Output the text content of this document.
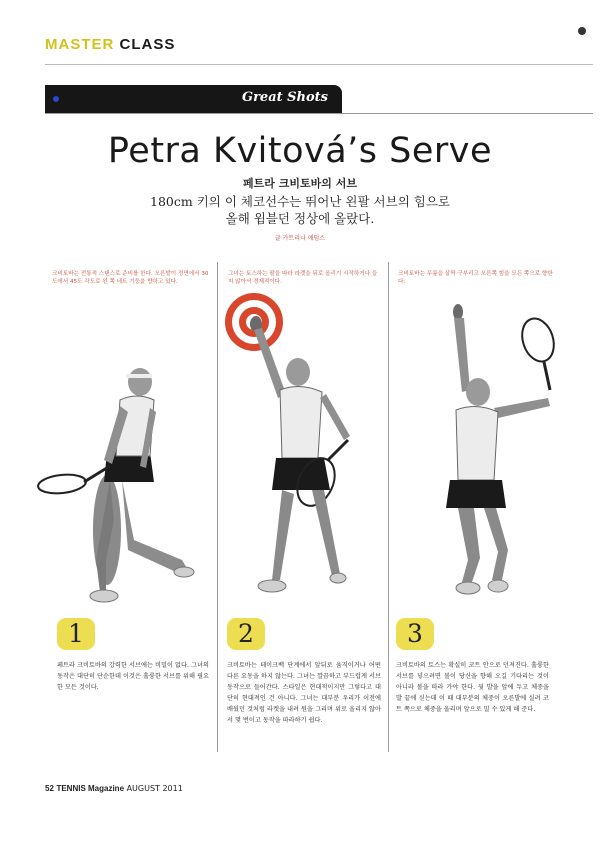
MASTER CLASS
Great Shots
Petra Kvitová’s Serve
페트라 크비토바의 서브
180cm 키의 이 체코선수는 뛰어난 왼팔 서브의 힘으로
올해 윔블던 정상에 올랐다.
글 카트리나 애덤스
크비토바는 전통적 스탠스로 준비를 한다. 오른발이 정면에서 30도에서 45도 각도로 왼 쪽 네트 기둥을 향하고 있다.
그녀는 토스하는 팔을 따라 라켓을 뒤로 올리기 시작하거나 들지 않아서 경제적이다.
크비토바는 무릎을 살짝 구부리고 오른쪽 힘을 모든 쪽으로 향한다.
1	2	3
페트라 크비토바의 강력한 서브에는 비밀이 없다. 그녀의 동작은 대단히 단순한데 이것은 훌륭한 서브를 위해 필요한 모든 것이다.
크비토바는 테이크백 단계에서 앞뒤로 움직이거나 어떤 다른 요동을 하지 않는다. 그녀는 깔끔하고 부드럽게 서브 동작으로 들어간다. 스타일은 현대적이지만 그렇다고 대단히 현대적인 건 아니다. 그녀는 대부분 우리가 이전에 배웠던 것처럼 라켓을 내려 원을 그리며 위로 올리지 않아서 몇 번이고 동작을 따라하기 쉽다.
크비토바의 토스는 확실히 코트 안으로 던져진다. 훌륭한 서브를 넣으려면 볼이 당신을 향해 오길 기다리는 것이 아니라 볼을 따라 가야 한다. 뒷 발을 앞에 두고 체중을 발 끝에 싣는데 이 때 대부분의 체중이 오른발에 실려 코트 쪽으로 체중을 올리며 앞으로 밀 수 있게 해 준다.
52 TENNIS Magazine AUGUST 2011
